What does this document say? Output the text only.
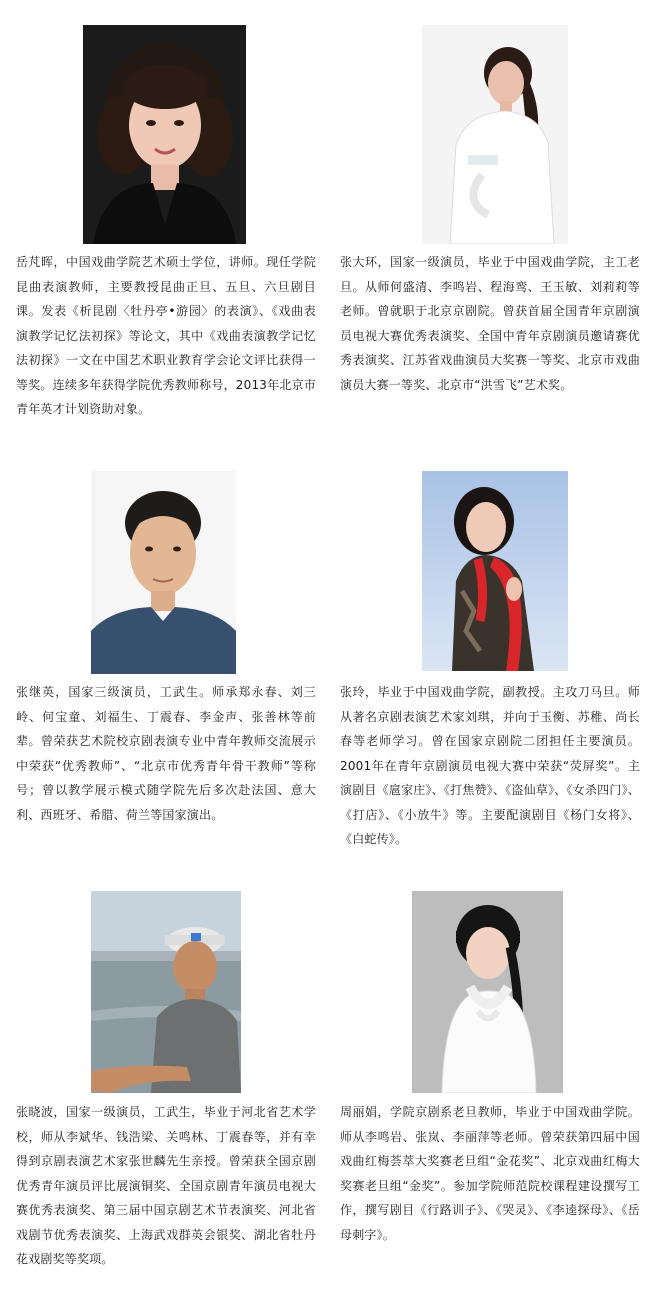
岳芃晖，中国戏曲学院艺术硕士学位，讲师。现任学院昆曲表演教师，主要教授昆曲正旦、五旦、六旦剧目课。发表《析昆剧〈牡丹亭•游园〉的表演》、《戏曲表演教学记忆法初探》等论文，其中《戏曲表演教学记忆法初探》一文在中国艺术职业教育学会论文评比获得一等奖。连续多年获得学院优秀教师称号，2013年北京市青年英才计划资助对象。

张大环，国家一级演员，毕业于中国戏曲学院，主工老旦。从师何盛清、李鸣岩、程海鸾、王玉敏、刘莉莉等老师。曾就职于北京京剧院。曾获首届全国青年京剧演员电视大赛优秀表演奖、全国中青年京剧演员邀请赛优秀表演奖、江苏省戏曲演员大奖赛一等奖、北京市戏曲演员大赛一等奖、北京市“洪雪飞”艺术奖。

张继英，国家三级演员，工武生。师承郑永春、刘三岭、何宝童、刘福生、丁震春、李金声、张善林等前辈。曾荣获艺术院校京剧表演专业中青年教师交流展示中荣获“优秀教师”、“北京市优秀青年骨干教师”等称号；曾以教学展示模式随学院先后多次赴法国、意大利、西班牙、希腊、荷兰等国家演出。

张玲，毕业于中国戏曲学院，副教授。主攻刀马旦。师从著名京剧表演艺术家刘琪，并向于玉衡、苏稚、尚长春等老师学习。曾在国家京剧院二团担任主要演员。2001年在青年京剧演员电视大赛中荣获“荧屏奖”。主演剧目《扈家庄》、《打焦赞》、《盗仙草》、《女杀四门》、《打店》、《小放牛》等。主要配演剧目《杨门女将》、《白蛇传》。

张晓波，国家一级演员，工武生，毕业于河北省艺术学校，师从李斌华、钱浩梁、关鸣林、丁震春等，并有幸得到京剧表演艺术家张世麟先生亲授。曾荣获全国京剧优秀青年演员评比展演铜奖、全国京剧青年演员电视大赛优秀表演奖、第三届中国京剧艺术节表演奖、河北省戏剧节优秀表演奖、上海武戏群英会银奖、湖北省牡丹花戏剧奖等奖项。

周丽娟，学院京剧系老旦教师，毕业于中国戏曲学院。师从李鸣岩、张岚、李丽萍等老师。曾荣获第四届中国戏曲红梅荟萃大奖赛老旦组“金花奖”、北京戏曲红梅大奖赛老旦组“金奖”。参加学院师范院校课程建设撰写工作，撰写剧目《行路训子》、《哭灵》、《李逵探母》、《岳母刺字》。
